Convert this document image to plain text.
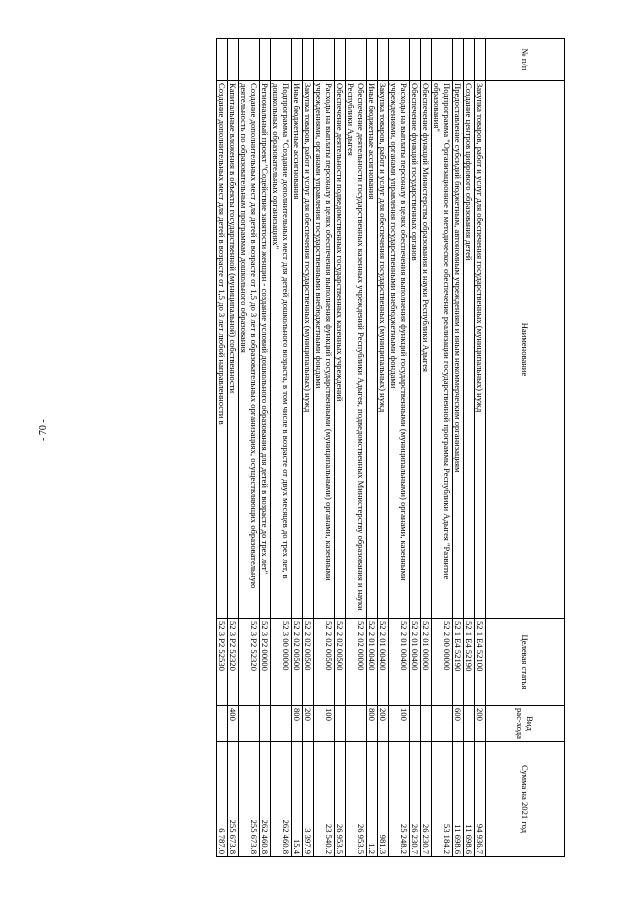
- 70 -
№ п/п	Наименование	Целевая статья	Вид рас-хода	Сумма на 2021 год
	Закупка товаров, работ и услуг для обеспечения государственных (муниципальных) нужд	52 1 E4 52100	200	94 936.7
	Создание центров цифрового образования детей	52 1 E4 52190		11 698.6
	Предоставление субсидий бюджетным, автономным учреждениям и иным некоммерческим организациям	52 1 E4 52190	600	11 698.6
	Подпрограмма "Организационное и методическое обеспечение реализации государственной программы Республики Адыгея "Развитие образования"	52 2 00 00000		53 184.2
	Обеспечение функций Министерства образования и науки Республики Адыгея	52 2 01 00000		26 230.7
	Обеспечение функций государственных органов	52 2 01 00400		26 230.7
	Расходы на выплаты персоналу в целях обеспечения выполнения функций государственными (муниципальными) органами, казенными учреждениями, органами управления государственными внебюджетными фондами	52 2 01 00400	100	25 248.2
	Закупка товаров, работ и услуг для обеспечения государственных (муниципальных) нужд	52 2 01 00400	200	981.3
	Иные бюджетные ассигнования	52 2 01 00400	800	1.2
	Обеспечение деятельности государственных казенных учреждений Республики Адыгея, подведомственных Министерству образования и науки Республики Адыгея	52 2 02 00000		26 953.5
	Обеспечение деятельности подведомственных государственных казенных учреждений	52 2 02 00500		26 953.5
	Расходы на выплаты персоналу в целях обеспечения выполнения функций государственными (муниципальными) органами, казенными учреждениями, органами управления государственными внебюджетными фондами	52 2 02 00500	100	23 540.2
	Закупка товаров, работ и услуг для обеспечения государственных (муниципальных) нужд	52 2 02 00500	200	3 397.9
	Иные бюджетные ассигнования	52 2 02 00500	800	15.4
	Подпрограмма "Создание дополнительных мест для детей дошкольного возраста, в том числе в возрасте от двух месяцев до трех лет, в дошкольных образовательных организациях"	52 3 00 00000		262 460.8
	Региональный проект "Содействие занятости женщин - создание условий дошкольного образования для детей в возрасте до трех лет"	52 3 P2 00000		262 460.8
	Создание дополнительных мест для детей в возрасте от 1,5 до 3 лет в образовательных организациях, осуществляющих образовательную деятельность по образовательным программам дошкольного образования	52 3 P2 52320		255 673.8
	Капитальные вложения в объекты государственной (муниципальной) собственности	52 3 P2 52320	400	255 673.8
	Создание дополнительных мест для детей в возрасте от 1,5 до 3 лет любой направленности в	52 3 P2 52530		6 787.0
